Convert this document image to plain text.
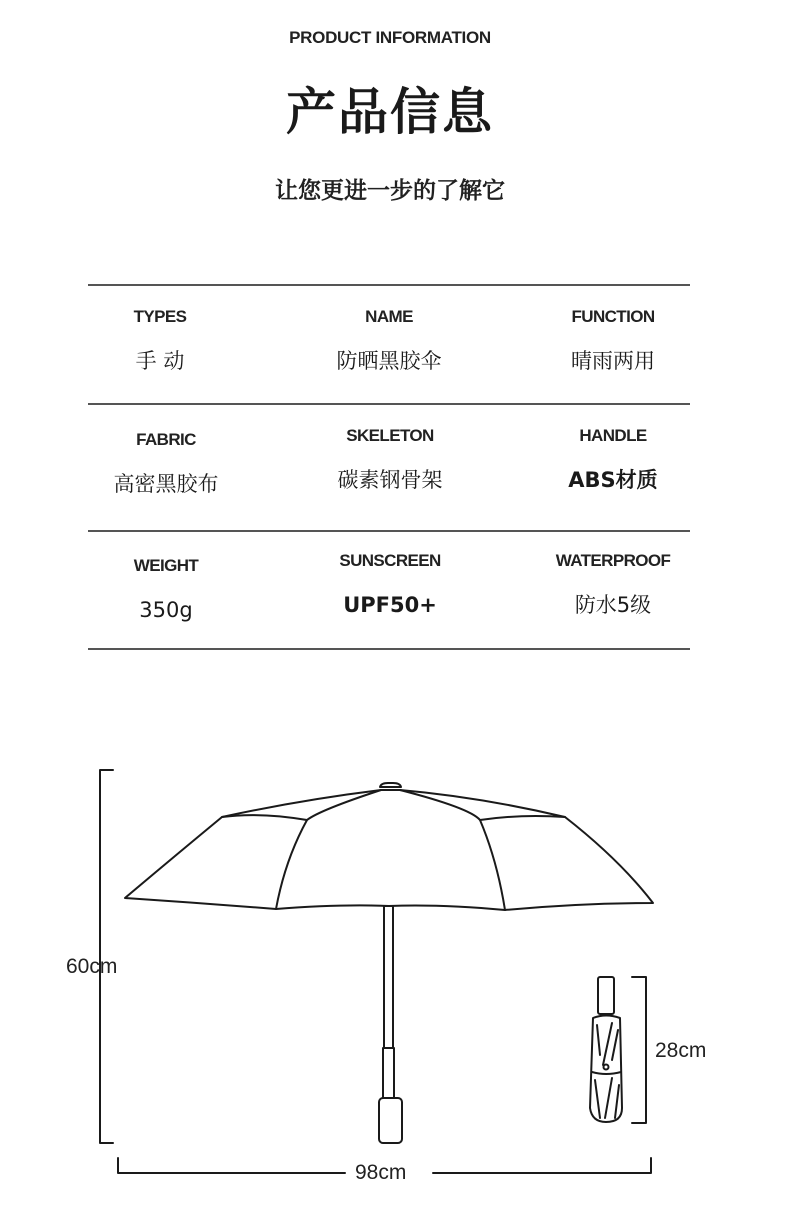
PRODUCT INFORMATION
产品信息
让您更进一步的了解它
TYPES
手 动
NAME
防晒黑胶伞
FUNCTION
晴雨两用
FABRIC
高密黑胶布
SKELETON
碳素钢骨架
HANDLE
ABS材质
WEIGHT
350g
SUNSCREEN
UPF50+
WATERPROOF
防水5级
60cm
98cm
28cm
